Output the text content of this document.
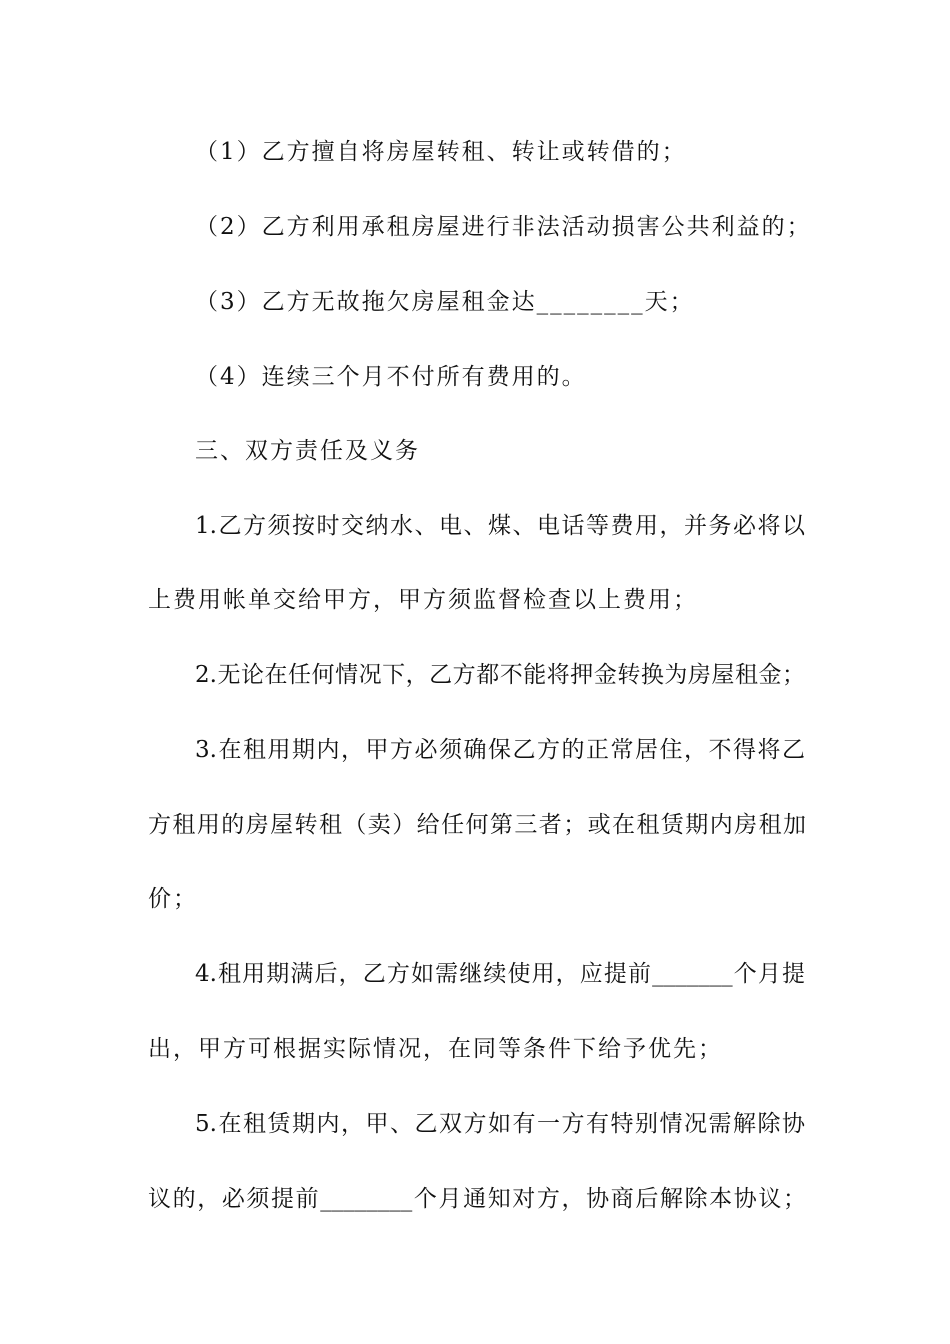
（1）乙方擅自将房屋转租、转让或转借的；
（2）乙方利用承租房屋进行非法活动损害公共利益的；
（3）乙方无故拖欠房屋租金达________天；
（4）连续三个月不付所有费用的。
三、双方责任及义务
1.乙方须按时交纳水、电、煤、电话等费用，并务必将以
上费用帐单交给甲方，甲方须监督检查以上费用；
2.无论在任何情况下，乙方都不能将押金转换为房屋租金；
3.在租用期内，甲方必须确保乙方的正常居住，不得将乙
方租用的房屋转租（卖）给任何第三者；或在租赁期内房租加
价；
4.租用期满后，乙方如需继续使用，应提前_______个月提
出，甲方可根据实际情况，在同等条件下给予优先；
5.在租赁期内，甲、乙双方如有一方有特别情况需解除协
议的，必须提前________个月通知对方，协商后解除本协议；
